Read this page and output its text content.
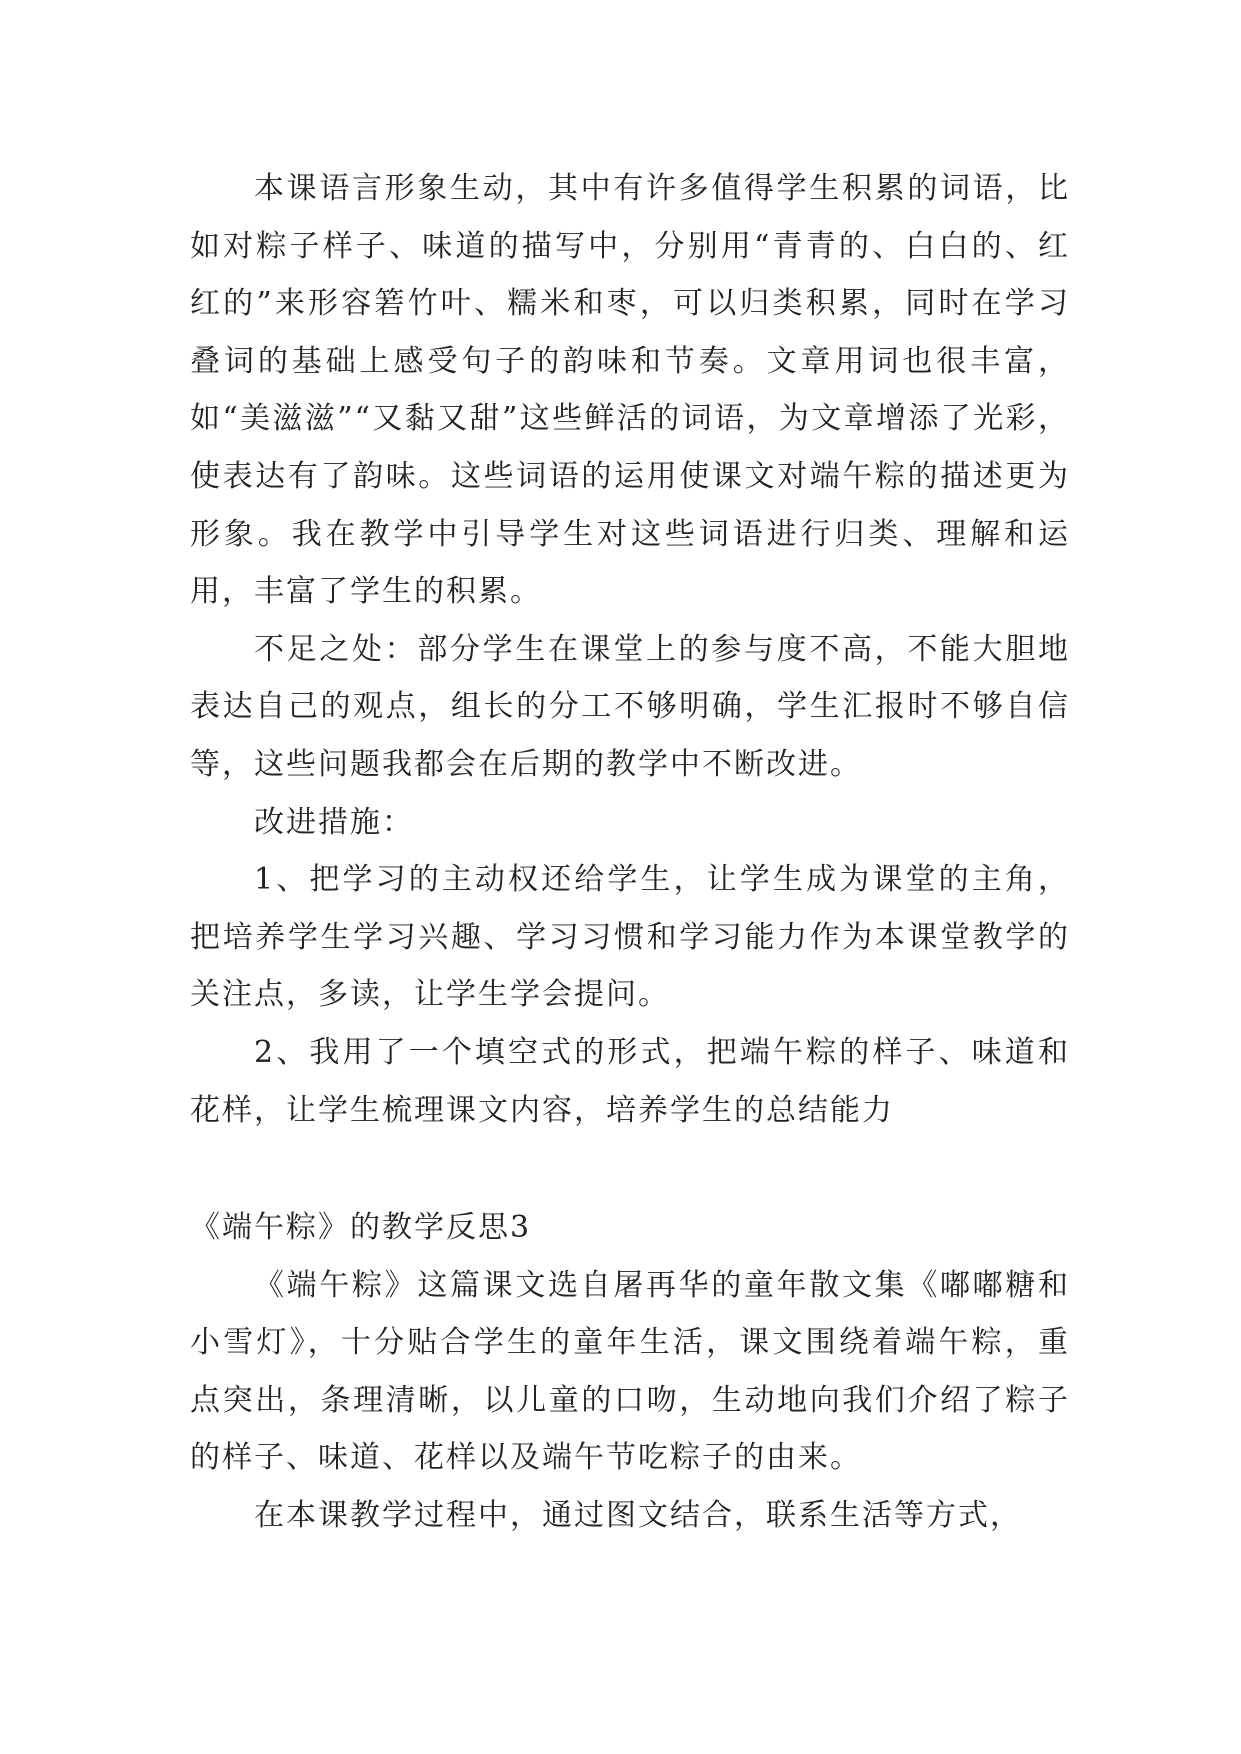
本课语言形象生动，其中有许多值得学生积累的词语，比如对粽子样子、味道的描写中，分别用“青青的、白白的、红红的”来形容箬竹叶、糯米和枣，可以归类积累，同时在学习叠词的基础上感受句子的韵味和节奏。文章用词也很丰富，如“美滋滋”“又黏又甜”这些鲜活的词语，为文章增添了光彩，使表达有了韵味。这些词语的运用使课文对端午粽的描述更为形象。我在教学中引导学生对这些词语进行归类、理解和运用，丰富了学生的积累。

不足之处：部分学生在课堂上的参与度不高，不能大胆地表达自己的观点，组长的分工不够明确，学生汇报时不够自信等，这些问题我都会在后期的教学中不断改进。

改进措施：

1、把学习的主动权还给学生，让学生成为课堂的主角，把培养学生学习兴趣、学习习惯和学习能力作为本课堂教学的关注点，多读，让学生学会提问。

2、我用了一个填空式的形式，把端午粽的样子、味道和花样，让学生梳理课文内容，培养学生的总结能力

《端午粽》的教学反思3

《端午粽》这篇课文选自屠再华的童年散文集《嘟嘟糖和小雪灯》，十分贴合学生的童年生活，课文围绕着端午粽，重点突出，条理清晰，以儿童的口吻，生动地向我们介绍了粽子的样子、味道、花样以及端午节吃粽子的由来。

在本课教学过程中，通过图文结合，联系生活等方式，
